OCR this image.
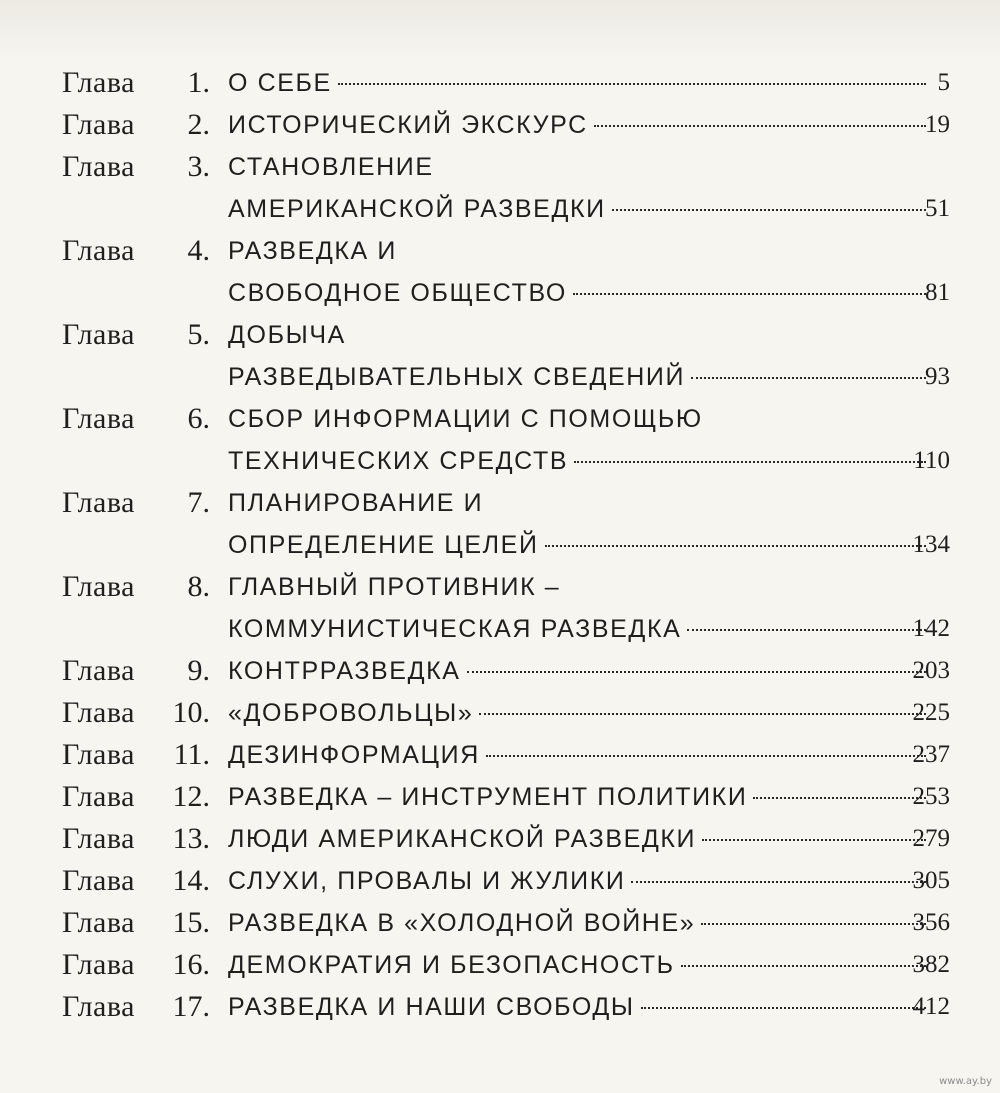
Глава	1. О СЕБЕ	5
Глава	2. ИСТОРИЧЕСКИЙ ЭКСКУРС	19
Глава	3. СТАНОВЛЕНИЕ
АМЕРИКАНСКОЙ РАЗВЕДКИ	51
Глава	4. РАЗВЕДКА И
СВОБОДНОЕ ОБЩЕСТВО	81
Глава	5. ДОБЫЧА
РАЗВЕДЫВАТЕЛЬНЫХ СВЕДЕНИЙ	93
Глава	6. СБОР ИНФОРМАЦИИ С ПОМОЩЬЮ
ТЕХНИЧЕСКИХ СРЕДСТВ	110
Глава	7. ПЛАНИРОВАНИЕ И
ОПРЕДЕЛЕНИЕ ЦЕЛЕЙ	134
Глава	8. ГЛАВНЫЙ ПРОТИВНИК –
КОММУНИСТИЧЕСКАЯ РАЗВЕДКА	142
Глава	9. КОНТРРАЗВЕДКА	203
Глава	10. «ДОБРОВОЛЬЦЫ»	225
Глава	11. ДЕЗИНФОРМАЦИЯ	237
Глава	12. РАЗВЕДКА – ИНСТРУМЕНТ ПОЛИТИКИ	253
Глава	13. ЛЮДИ АМЕРИКАНСКОЙ РАЗВЕДКИ	279
Глава	14. СЛУХИ, ПРОВАЛЫ И ЖУЛИКИ	305
Глава	15. РАЗВЕДКА В «ХОЛОДНОЙ ВОЙНЕ»	356
Глава	16. ДЕМОКРАТИЯ И БЕЗОПАСНОСТЬ	382
Глава	17. РАЗВЕДКА И НАШИ СВОБОДЫ	412
www.ay.by
